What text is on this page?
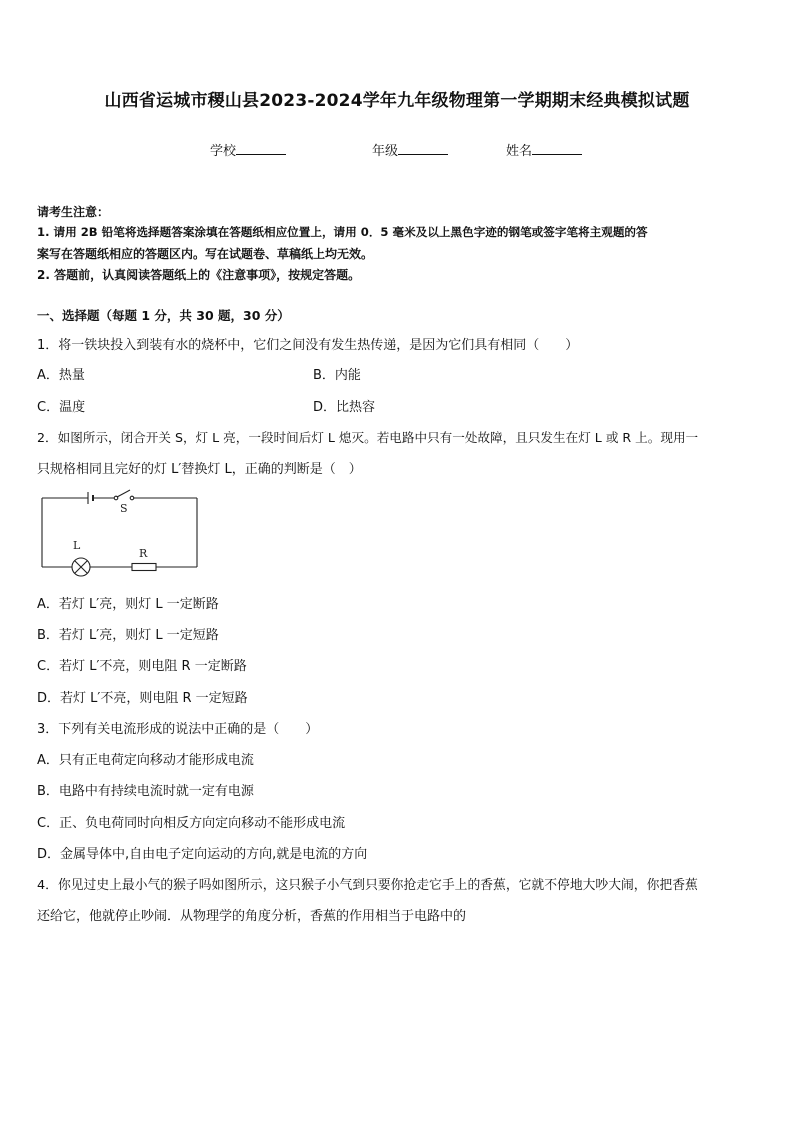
山西省运城市稷山县2023-2024学年九年级物理第一学期期末经典模拟试题
学校	年级	姓名
请考生注意：
1. 请用 2B 铅笔将选择题答案涂填在答题纸相应位置上，请用 0．5 毫米及以上黑色字迹的钢笔或签字笔将主观题的答
案写在答题纸相应的答题区内。写在试题卷、草稿纸上均无效。
2. 答题前，认真阅读答题纸上的《注意事项》，按规定答题。
一、选择题（每题 1 分，共 30 题，30 分）
1．将一铁块投入到装有水的烧杯中，它们之间没有发生热传递，是因为它们具有相同（　　）
A．热量	B．内能
C．温度	D．比热容
2．如图所示，闭合开关 S，灯 L 亮，一段时间后灯 L 熄灭。若电路中只有一处故障，且只发生在灯 L 或 R 上。现用一
只规格相同且完好的灯 L′替换灯 L，正确的判断是（　）
S
L
R
A．若灯 L′亮，则灯 L 一定断路
B．若灯 L′亮，则灯 L 一定短路
C．若灯 L′不亮，则电阻 R 一定断路
D．若灯 L′不亮，则电阻 R 一定短路
3．下列有关电流形成的说法中正确的是（　　）
A．只有正电荷定向移动才能形成电流
B．电路中有持续电流时就一定有电源
C．正、负电荷同时向相反方向定向移动不能形成电流
D．金属导体中,自由电子定向运动的方向,就是电流的方向
4．你见过史上最小气的猴子吗如图所示，这只猴子小气到只要你抢走它手上的香蕉，它就不停地大吵大闹，你把香蕉
还给它，他就停止吵闹．从物理学的角度分析，香蕉的作用相当于电路中的
